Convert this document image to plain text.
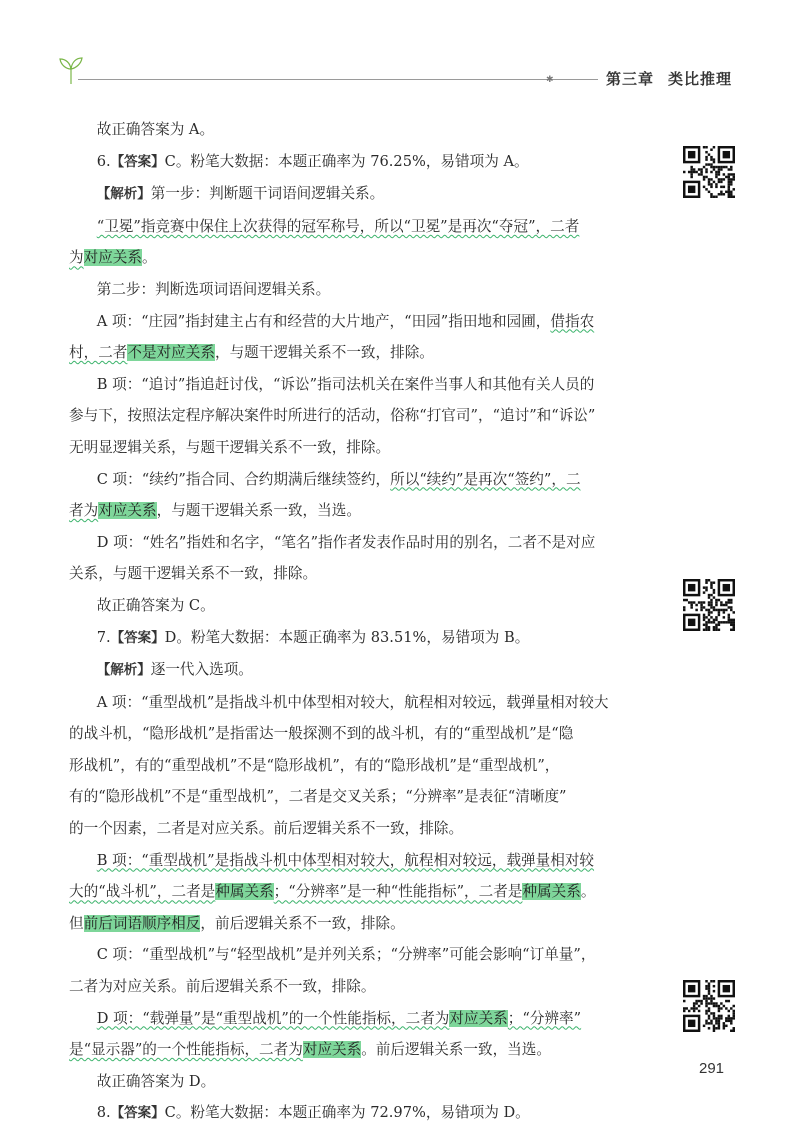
✱	第三章 类比推理
故正确答案为 A。
6.【答案】C。粉笔大数据：本题正确率为 76.25%，易错项为 A。
【解析】第一步：判断题干词语间逻辑关系。
“卫冕”指竞赛中保住上次获得的冠军称号，所以“卫冕”是再次“夺冠”，二者
为对应关系。
第二步：判断选项词语间逻辑关系。
A 项：“庄园”指封建主占有和经营的大片地产，“田园”指田地和园圃，借指农
村，二者不是对应关系，与题干逻辑关系不一致，排除。
B 项：“追讨”指追赶讨伐，“诉讼”指司法机关在案件当事人和其他有关人员的
参与下，按照法定程序解决案件时所进行的活动，俗称“打官司”，“追讨”和“诉讼”
无明显逻辑关系，与题干逻辑关系不一致，排除。
C 项：“续约”指合同、合约期满后继续签约，所以“续约”是再次“签约”，二
者为对应关系，与题干逻辑关系一致，当选。
D 项：“姓名”指姓和名字，“笔名”指作者发表作品时用的别名，二者不是对应
关系，与题干逻辑关系不一致，排除。
故正确答案为 C。
7.【答案】D。粉笔大数据：本题正确率为 83.51%，易错项为 B。
【解析】逐一代入选项。
A 项：“重型战机”是指战斗机中体型相对较大，航程相对较远，载弹量相对较大
的战斗机，“隐形战机”是指雷达一般探测不到的战斗机，有的“重型战机”是“隐
形战机”，有的“重型战机”不是“隐形战机”，有的“隐形战机”是“重型战机”，
有的“隐形战机”不是“重型战机”，二者是交叉关系；“分辨率”是表征“清晰度”
的一个因素，二者是对应关系。前后逻辑关系不一致，排除。
B 项：“重型战机”是指战斗机中体型相对较大，航程相对较远，载弹量相对较
大的“战斗机”，二者是种属关系；“分辨率”是一种“性能指标”，二者是种属关系。
但前后词语顺序相反，前后逻辑关系不一致，排除。
C 项：“重型战机”与“轻型战机”是并列关系；“分辨率”可能会影响“订单量”，
二者为对应关系。前后逻辑关系不一致，排除。
D 项：“载弹量”是“重型战机”的一个性能指标，二者为对应关系；“分辨率”
是“显示器”的一个性能指标，二者为对应关系。前后逻辑关系一致，当选。
故正确答案为 D。
8.【答案】C。粉笔大数据：本题正确率为 72.97%，易错项为 D。
291
